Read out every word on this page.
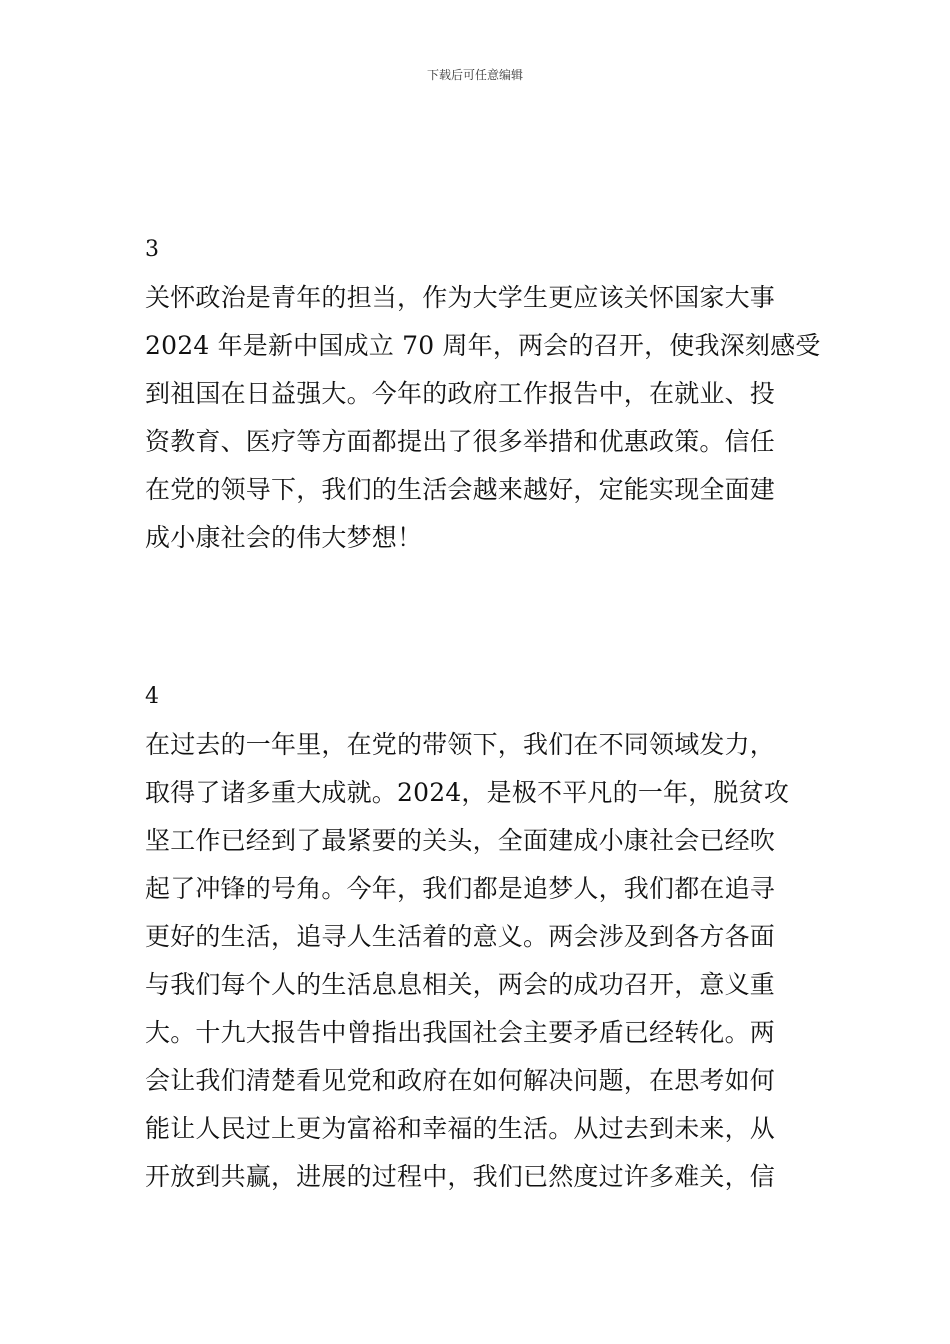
下载后可任意编辑
3
关怀政治是青年的担当，作为大学生更应该关怀国家大事
2024 年是新中国成立 70 周年，两会的召开，使我深刻感受
到祖国在日益强大。今年的政府工作报告中，在就业、投
资教育、医疗等方面都提出了很多举措和优惠政策。信任
在党的领导下，我们的生活会越来越好，定能实现全面建
成小康社会的伟大梦想！
4
在过去的一年里，在党的带领下，我们在不同领域发力，
取得了诸多重大成就。2024，是极不平凡的一年，脱贫攻
坚工作已经到了最紧要的关头，全面建成小康社会已经吹
起了冲锋的号角。今年，我们都是追梦人，我们都在追寻
更好的生活，追寻人生活着的意义。两会涉及到各方各面
与我们每个人的生活息息相关，两会的成功召开，意义重
大。十九大报告中曾指出我国社会主要矛盾已经转化。两
会让我们清楚看见党和政府在如何解决问题，在思考如何
能让人民过上更为富裕和幸福的生活。从过去到未来，从
开放到共赢，进展的过程中，我们已然度过许多难关，信
